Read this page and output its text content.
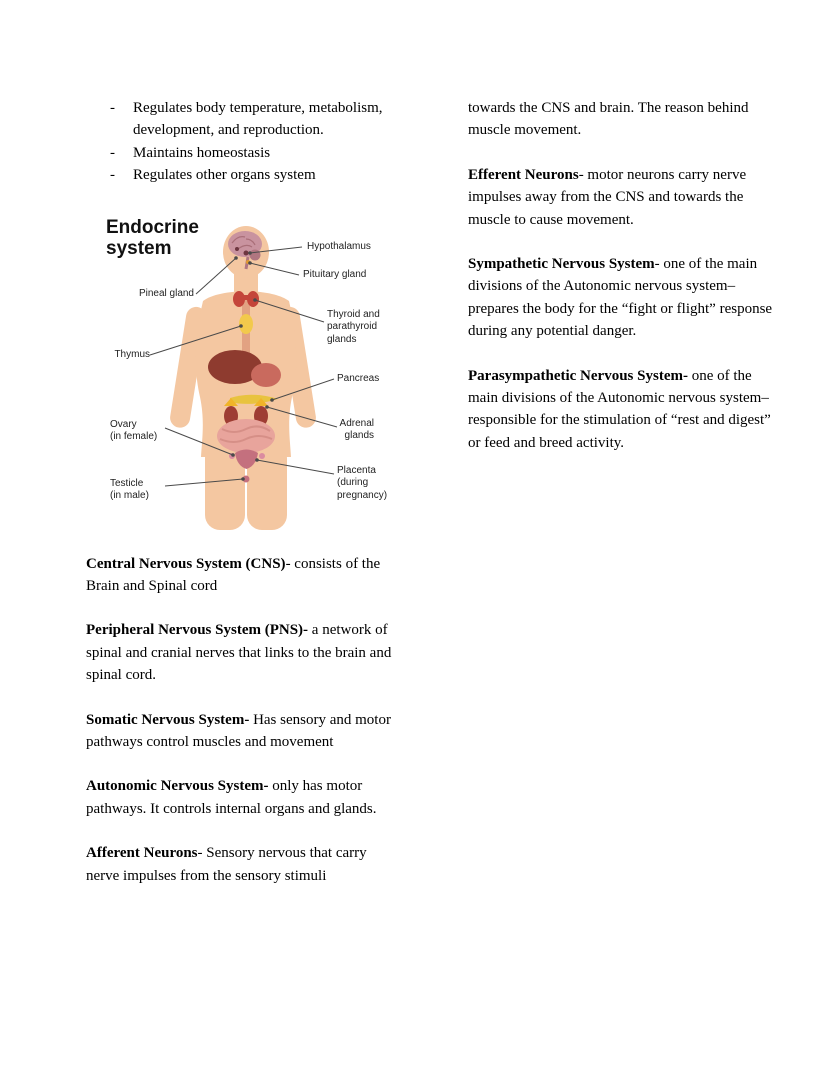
- Regulates body temperature, metabolism, development, and reproduction.
- Maintains homeostasis
- Regulates other organs system
Endocrine
system	Hypothalamus
Pituitary gland
Pineal gland
Thyroid and
parathyroid
glands
Thymus
Pancreas
Adrenal
glands
Ovary
(in female)
Placenta
(during
pregnancy)
Testicle
(in male)
Central Nervous System (CNS)- consists of the Brain and Spinal cord
Peripheral Nervous System (PNS)- a network of spinal and cranial nerves that links to the brain and spinal cord.
Somatic Nervous System- Has sensory and motor pathways control muscles and movement
Autonomic Nervous System- only has motor pathways. It controls internal organs and glands.
Afferent Neurons- Sensory nervous that carry nerve impulses from the sensory stimuli
towards the CNS and brain. The reason behind muscle movement.
Efferent Neurons- motor neurons carry nerve impulses away from the CNS and towards the muscle to cause movement.
Sympathetic Nervous System- one of the main divisions of the Autonomic nervous system– prepares the body for the “fight or flight” response during any potential danger.
Parasympathetic Nervous System- one of the main divisions of the Autonomic nervous system– responsible for the stimulation of “rest and digest” or feed and breed activity.
